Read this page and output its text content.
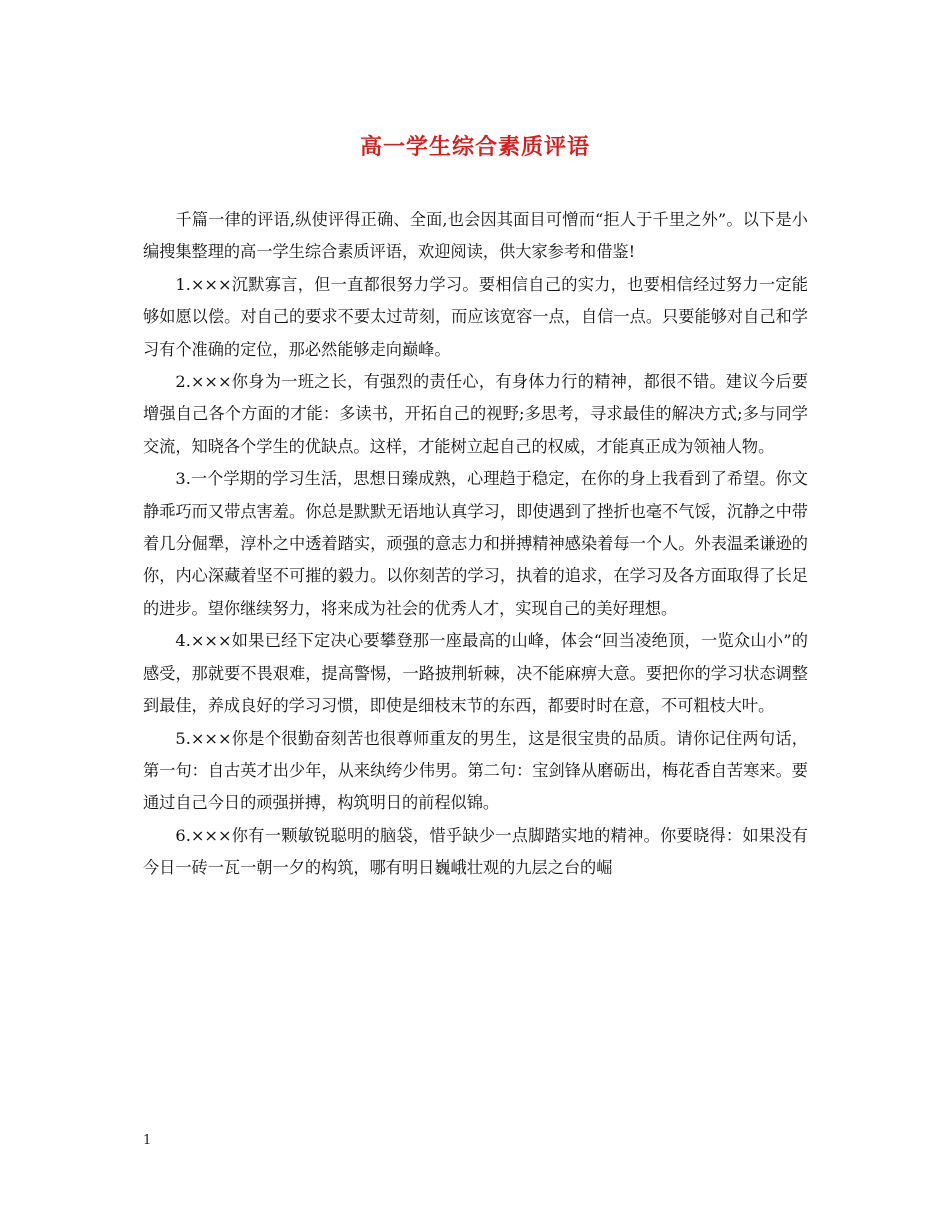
高一学生综合素质评语

千篇一律的评语,纵使评得正确、全面,也会因其面目可憎而“拒人于千里之外”。以下是小编搜集整理的高一学生综合素质评语，欢迎阅读，供大家参考和借鉴!

1.×××沉默寡言，但一直都很努力学习。要相信自己的实力，也要相信经过努力一定能够如愿以偿。对自己的要求不要太过苛刻，而应该宽容一点，自信一点。只要能够对自己和学习有个准确的定位，那必然能够走向巅峰。

2.×××你身为一班之长，有强烈的责任心，有身体力行的精神，都很不错。建议今后要增强自己各个方面的才能：多读书，开拓自己的视野;多思考，寻求最佳的解决方式;多与同学交流，知晓各个学生的优缺点。这样，才能树立起自己的权威，才能真正成为领袖人物。

3.一个学期的学习生活，思想日臻成熟，心理趋于稳定，在你的身上我看到了希望。你文静乖巧而又带点害羞。你总是默默无语地认真学习，即使遇到了挫折也毫不气馁，沉静之中带着几分倔犟，淳朴之中透着踏实，顽强的意志力和拼搏精神感染着每一个人。外表温柔谦逊的你，内心深藏着坚不可摧的毅力。以你刻苦的学习，执着的追求，在学习及各方面取得了长足的进步。望你继续努力，将来成为社会的优秀人才，实现自己的美好理想。

4.×××如果已经下定决心要攀登那一座最高的山峰，体会“回当凌绝顶，一览众山小”的感受，那就要不畏艰难，提高警惕，一路披荆斩棘，决不能麻痹大意。要把你的学习状态调整到最佳，养成良好的学习习惯，即使是细枝末节的东西，都要时时在意，不可粗枝大叶。

5.×××你是个很勤奋刻苦也很尊师重友的男生，这是很宝贵的品质。请你记住两句话，第一句：自古英才出少年，从来纨绔少伟男。第二句：宝剑锋从磨砺出，梅花香自苦寒来。要通过自己今日的顽强拼搏，构筑明日的前程似锦。

6.×××你有一颗敏锐聪明的脑袋，惜乎缺少一点脚踏实地的精神。你要晓得：如果没有今日一砖一瓦一朝一夕的构筑，哪有明日巍峨壮观的九层之台的崛

1
